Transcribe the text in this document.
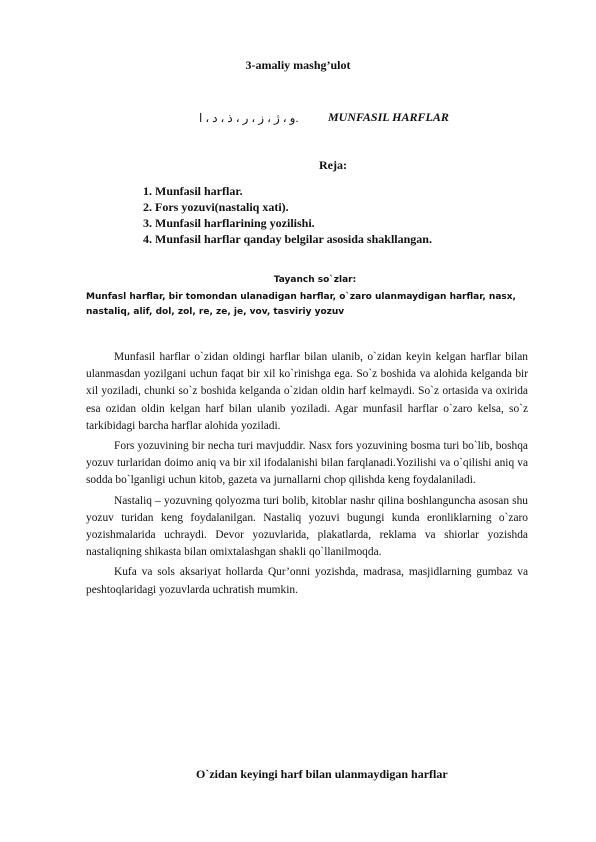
3-amaliy mashg’ulot
و ، ژ ، ز ، ر ، ذ ، د ، ا. MUNFASIL HARFLAR
Reja:
1. Munfasil harflar.
2. Fors yozuvi(nastaliq xati).
3. Munfasil harflarining yozilishi.
4. Munfasil harflar qanday belgilar asosida shakllangan.
Tayanch so`zlar:
Munfasl harflar, bir tomondan ulanadigan harflar, o`zaro ulanmaydigan harflar, nasx, nastaliq, alif, dol, zol, re, ze, je, vov, tasviriy yozuv

Munfasil harflar o`zidan oldingi harflar bilan ulanib, o`zidan keyin kelgan harflar bilan ulanmasdan yozilgani uchun faqat bir xil ko`rinishga ega. So`z boshida va alohida kelganda bir xil yoziladi, chunki so`z boshida kelganda o`zidan oldin harf kelmaydi. So`z ortasida va oxirida esa ozidan oldin kelgan harf bilan ulanib yoziladi. Agar munfasil harflar o`zaro kelsa, so`z tarkibidagi barcha harflar alohida yoziladi.

Fors yozuvining bir necha turi mavjuddir. Nasx fors yozuvining bosma turi bo`lib, boshqa yozuv turlaridan doimo aniq va bir xil ifodalanishi bilan farqlanadi.Yozilishi va o`qilishi aniq va sodda bo`lganligi uchun kitob, gazeta va jurnallarni chop qilishda keng foydalaniladi.

Nastaliq – yozuvning qolyozma turi bolib, kitoblar nashr qilina boshlanguncha asosan shu yozuv turidan keng foydalanilgan. Nastaliq yozuvi bugungi kunda eronliklarning o`zaro yozishmalarida uchraydi. Devor yozuvlarida, plakatlarda, reklama va shiorlar yozishda nastaliqning shikasta bilan omixtalashgan shakli qo`llanilmoqda.

Kufa va sols aksariyat hollarda Qur’onni yozishda, madrasa, masjidlarning gumbaz va peshtoqlaridagi yozuvlarda uchratish mumkin.

O`zidan keyingi harf bilan ulanmaydigan harflar
